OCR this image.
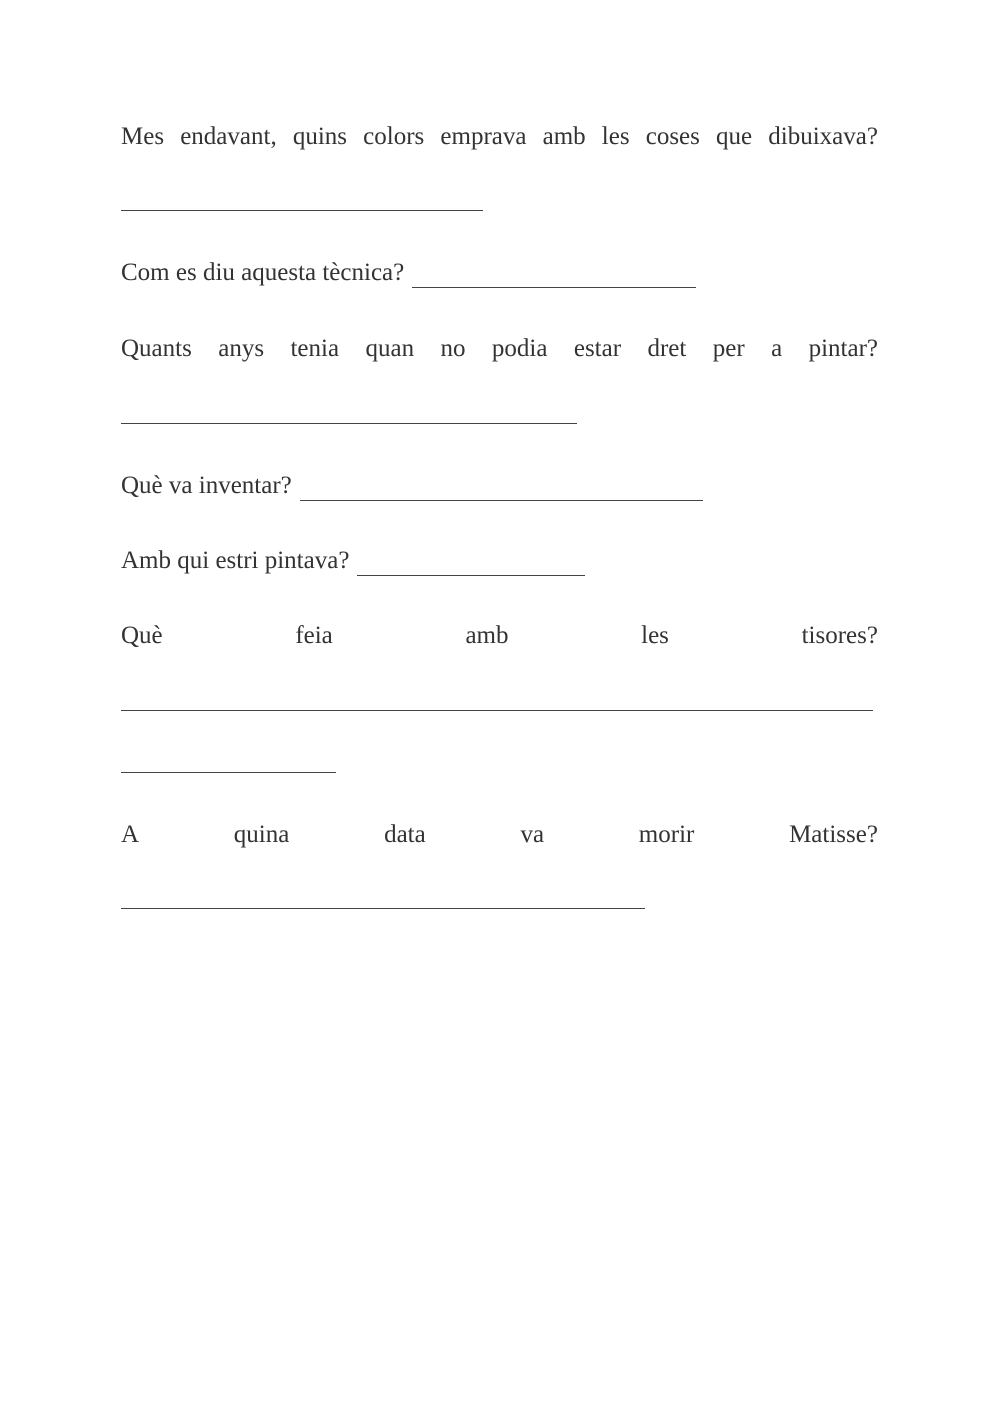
Mes endavant, quins colors emprava amb les coses que dibuixava?
Com es diu aquesta tècnica?
Quants anys tenia quan no podia estar dret per a pintar?
Què va inventar?
Amb qui estri pintava?
Què	feia	amb	les	tisores?
A	quina	data	va	morir	Matisse?
